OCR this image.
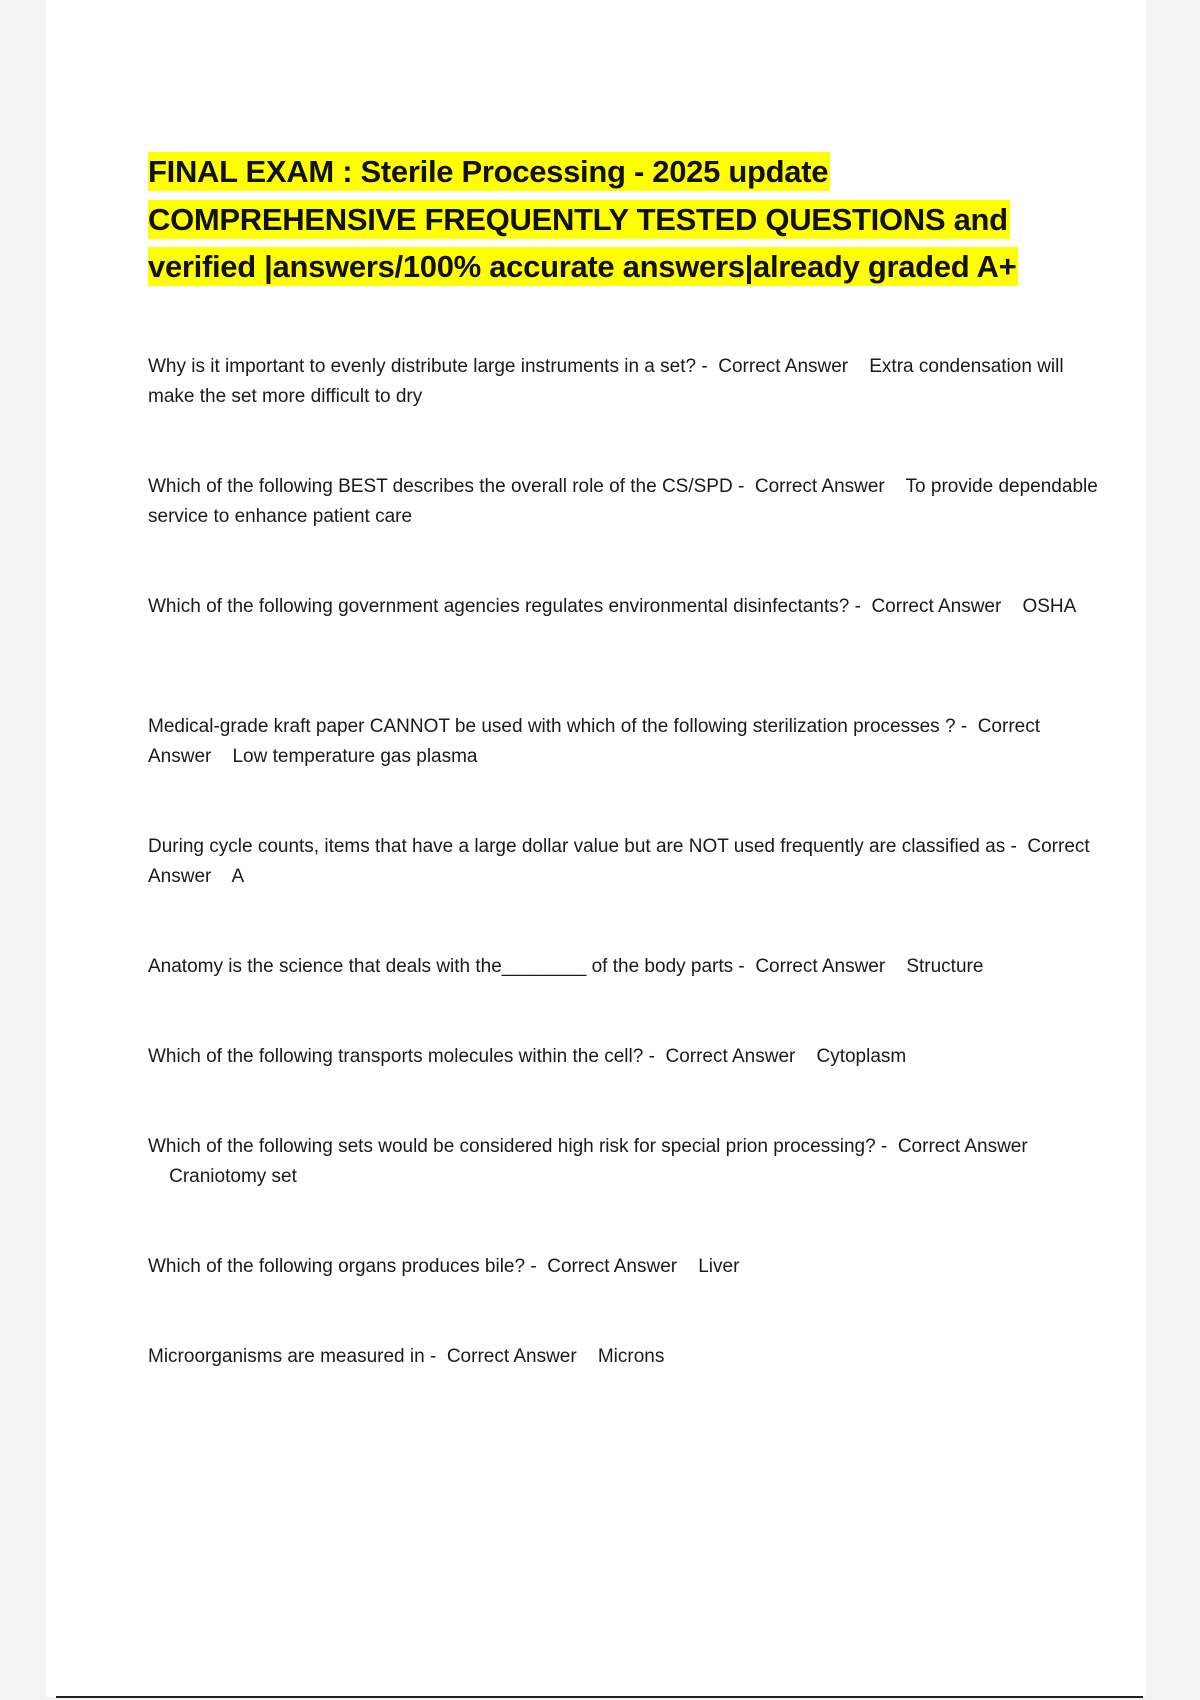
FINAL EXAM : Sterile Processing - 2025 update
COMPREHENSIVE FREQUENTLY TESTED QUESTIONS and
verified |answers/100% accurate answers|already graded A+

Why is it important to evenly distribute large instruments in a set? - Correct Answer Extra condensation will make the set more difficult to dry

Which of the following BEST describes the overall role of the CS/SPD - Correct Answer To provide dependable service to enhance patient care

Which of the following government agencies regulates environmental disinfectants? - Correct Answer OSHA

Medical-grade kraft paper CANNOT be used with which of the following sterilization processes ? - Correct Answer Low temperature gas plasma

During cycle counts, items that have a large dollar value but are NOT used frequently are classified as - Correct Answer A

Anatomy is the science that deals with the________ of the body parts - Correct Answer Structure

Which of the following transports molecules within the cell? - Correct Answer Cytoplasm

Which of the following sets would be considered high risk for special prion processing? - Correct Answer    Craniotomy set

Which of the following organs produces bile? - Correct Answer Liver

Microorganisms are measured in - Correct Answer Microns
